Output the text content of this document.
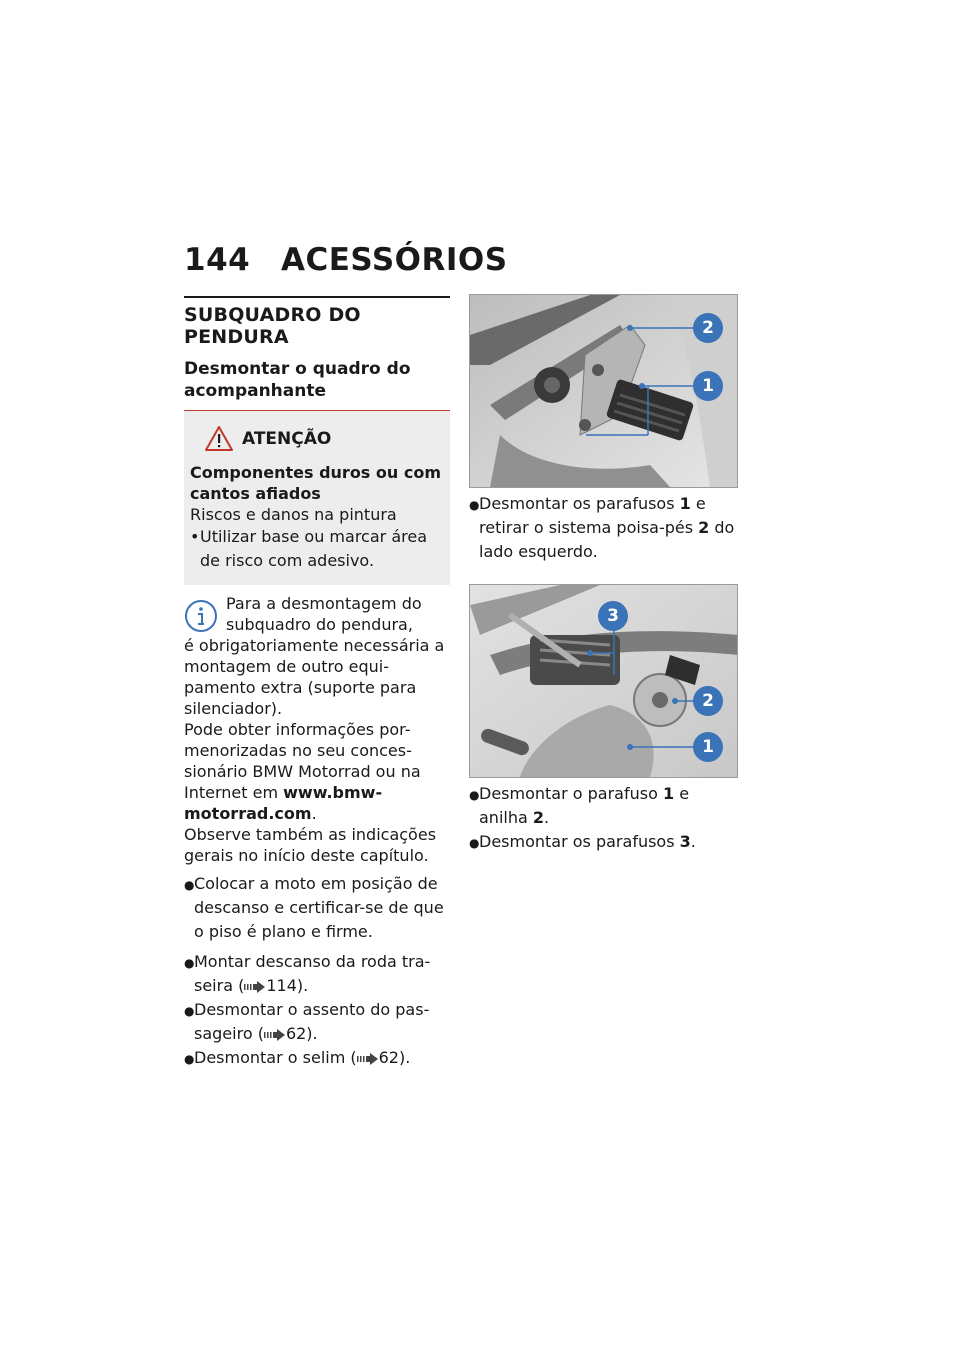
144 ACESSÓRIOS
SUBQUADRO DO PENDURA
Desmontar o quadro do acompanhante
ATENÇÃO
Componentes duros ou com cantos afiados
Riscos e danos na pintura
• Utilizar base ou marcar área de risco com adesivo.
Para a desmontagem do
subquadro do pendura,
é obrigatoriamente necessária a montagem de outro equi-pamento extra (suporte para silenciador).
Pode obter informações por-menorizadas no seu conces-sionário BMW Motorrad ou na Internet em www.bmw-motorrad.com.
Observe também as indicações gerais no início deste capítulo.
● Colocar a moto em posição de descanso e certificar-se de que o piso é plano e firme.
● Montar descanso da roda tra-seira ( 114).
● Desmontar o assento do pas-sageiro ( 62).
● Desmontar o selim ( 62).
2
1
● Desmontar os parafusos 1 e retirar o sistema poisa-pés 2 do lado esquerdo.
3
2
1
● Desmontar o parafuso 1 e anilha 2.
● Desmontar os parafusos 3.
